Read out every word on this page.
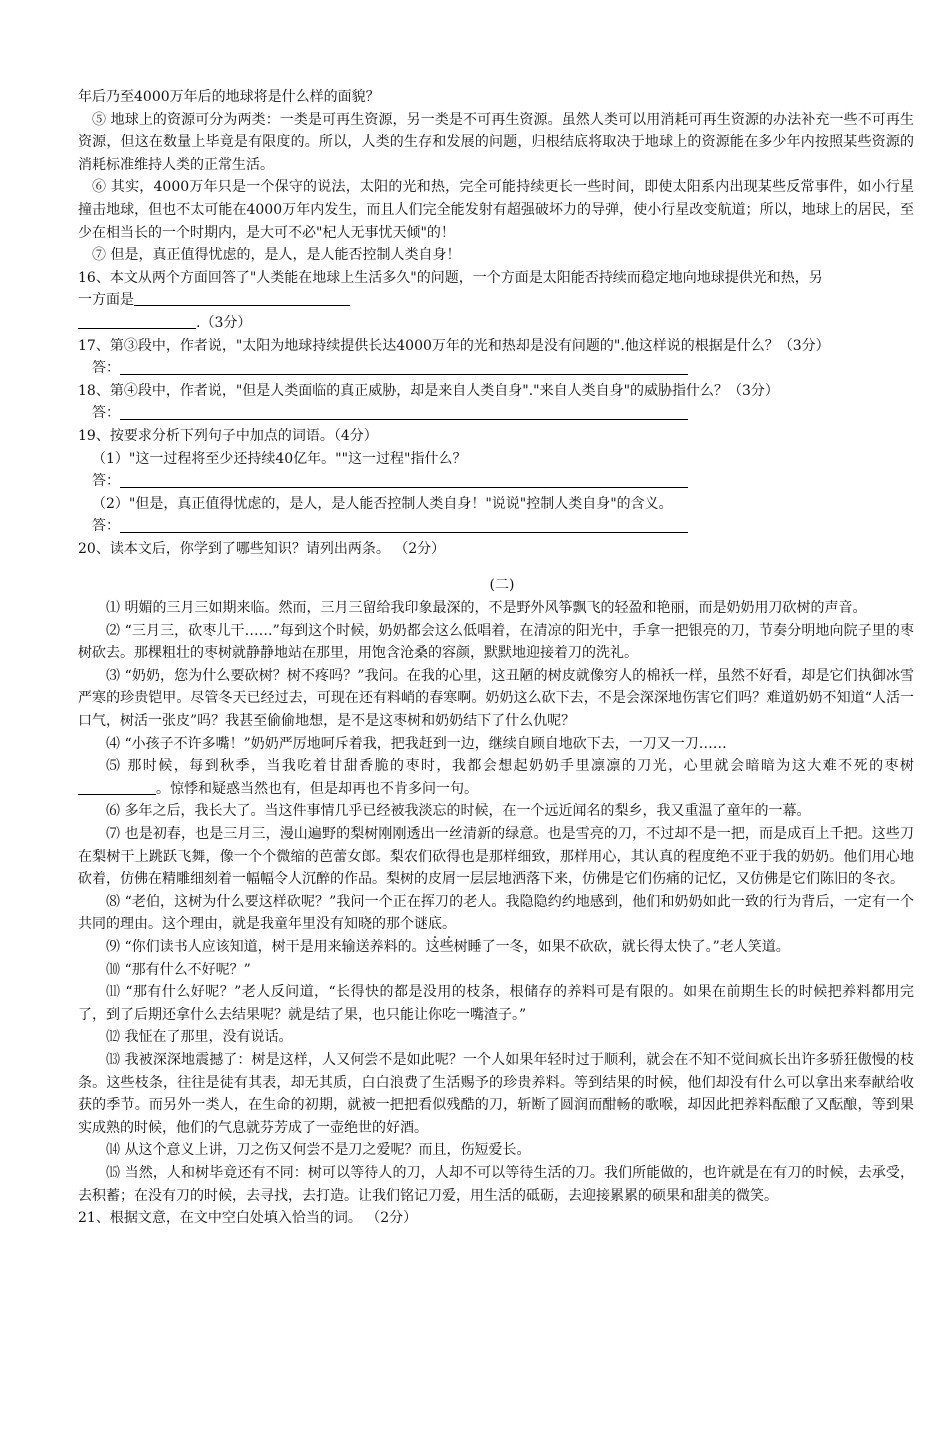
年后乃至4000万年后的地球将是什么样的面貌？

⑤ 地球上的资源可分为两类：一类是可再生资源，另一类是不可再生资源。虽然人类可以用消耗可再生资源的办法补充一些不可再生资源，但这在数量上毕竟是有限度的。所以，人类的生存和发展的问题，归根结底将取决于地球上的资源能在多少年内按照某些资源的消耗标准维持人类的正常生活。

⑥ 其实，4000万年只是一个保守的说法，太阳的光和热，完全可能持续更长一些时间，即使太阳系内出现某些反常事件，如小行星撞击地球，但也不太可能在4000万年内发生，而且人们完全能发射有超强破坏力的导弹，使小行星改变航道；所以，地球上的居民，至少在相当长的一个时期内，是大可不必"杞人无事忧天倾"的！

⑦ 但是，真正值得忧虑的，是人，是人能否控制人类自身！
16、本文从两个方面回答了"人类能在地球上生活多久"的问题，一个方面是太阳能否持续而稳定地向地球提供光和热，另
一方面是
.（3分）
17、第③段中，作者说，"太阳为地球持续提供长达4000万年的光和热却是没有问题的".他这样说的根据是什么？（3分）
答：
18、第④段中，作者说，"但是人类面临的真正威胁，却是来自人类自身"."来自人类自身"的威胁指什么？（3分）
答：
19、按要求分析下列句子中加点的词语。（4分）
（1）"这一过程将至少还持续40亿年。""这一过程"指什么？
答：
（2）"但是，真正值得忧虑的，是人，是人能否控制人类自身！"说说"控制人类自身"的含义。
答：
20、读本文后，你学到了哪些知识？请列出两条。 （2分）
(二)

⑴ 明媚的三月三如期来临。然而，三月三留给我印象最深的，不是野外风筝飘飞的轻盈和艳丽，而是奶奶用刀砍树的声音。

⑵ “三月三，砍枣儿干……”每到这个时候，奶奶都会这么低唱着，在清凉的阳光中，手拿一把银亮的刀，节奏分明地向院子里的枣树砍去。那棵粗壮的枣树就静静地站在那里，用饱含沧桑的容颜，默默地迎接着刀的洗礼。

⑶ “奶奶，您为什么要砍树？树不疼吗？”我问。在我的心里，这丑陋的树皮就像穷人的棉袄一样，虽然不好看，却是它们执御冰雪严寒的珍贵铠甲。尽管冬天已经过去，可现在还有料峭的春寒啊。奶奶这么砍下去，不是会深深地伤害它们吗？难道奶奶不知道“人活一口气，树活一张皮”吗？我甚至偷偷地想，是不是这枣树和奶奶结下了什么仇呢？

⑷ “小孩子不许多嘴！”奶奶严厉地呵斥着我，把我赶到一边，继续自顾自地砍下去，一刀又一刀……

⑸ 那时候，每到秋季，当我吃着甘甜香脆的枣时，我都会想起奶奶手里凛凛的刀光，心里就会暗暗为这大难不死的枣树。惊悸和疑惑当然也有，但是却再也不肯多问一句。

⑹ 多年之后，我长大了。当这件事情几乎已经被我淡忘的时候，在一个远近闻名的梨乡，我又重温了童年的一幕。

⑺ 也是初春，也是三月三，漫山遍野的梨树刚刚透出一丝清新的绿意。也是雪亮的刀，不过却不是一把，而是成百上千把。这些刀在梨树干上跳跃飞舞，像一个个微缩的芭蕾女郎。梨农们砍得也是那样细致，那样用心，其认真的程度绝不亚于我的奶奶。他们用心地砍着，仿佛在精雕细刻着一幅幅令人沉醉的作品。梨树的皮屑一层层地洒落下来，仿佛是它们伤痛的记忆，又仿佛是它们陈旧的冬衣。

⑻ “老伯，这树为什么要这样砍呢？”我问一个正在挥刀的老人。我隐隐约约地感到，他们和奶奶如此一致的行为背后，一定有一个共同的理由。这个理由，就是我童年里没有知晓的那个谜底。

⑼ “你们读书人应该知道，树干是用来输送养料的。这些树睡了一冬，如果不砍砍，就长得太快了。”老人笑道。

⑽ “那有什么不好呢？”

⑾ “那有什么好呢？”老人反问道，“长得快的都是没用的枝条，根储存的养料可是有限的。如果在前期生长的时候把养料都用完了，到了后期还拿什么去结果呢？就是结了果，也只能让你吃一嘴渣子。”

⑿ 我怔在了那里，没有说话。

⒀ 我被深深地震撼了：树是这样，人又何尝不是如此呢？一个人如果年轻时过于顺利，就会在不知不觉间疯长出许多骄狂傲慢的枝条。这些枝条，往往是徒有其表，却无其质，白白浪费了生活赐予的珍贵养料。等到结果的时候，他们却没有什么可以拿出来奉献给收获的季节。而另外一类人，在生命的初期，就被一把把看似残酷的刀，斩断了圆润而酣畅的歌喉，却因此把养料酝酿了又酝酿，等到果实成熟的时候，他们的气息就芬芳成了一壶绝世的好酒。

⒁ 从这个意义上讲，刀之伤又何尝不是刀之爱呢？而且，伤短爱长。

⒂ 当然，人和树毕竟还有不同：树可以等待人的刀，人却不可以等待生活的刀。我们所能做的，也许就是在有刀的时候，去承受，去积蓄；在没有刀的时候，去寻找，去打造。让我们铭记刀爱，用生活的砥砺，去迎接累累的硕果和甜美的微笑。

21、根据文意，在文中空白处填入恰当的词。 （2分）
